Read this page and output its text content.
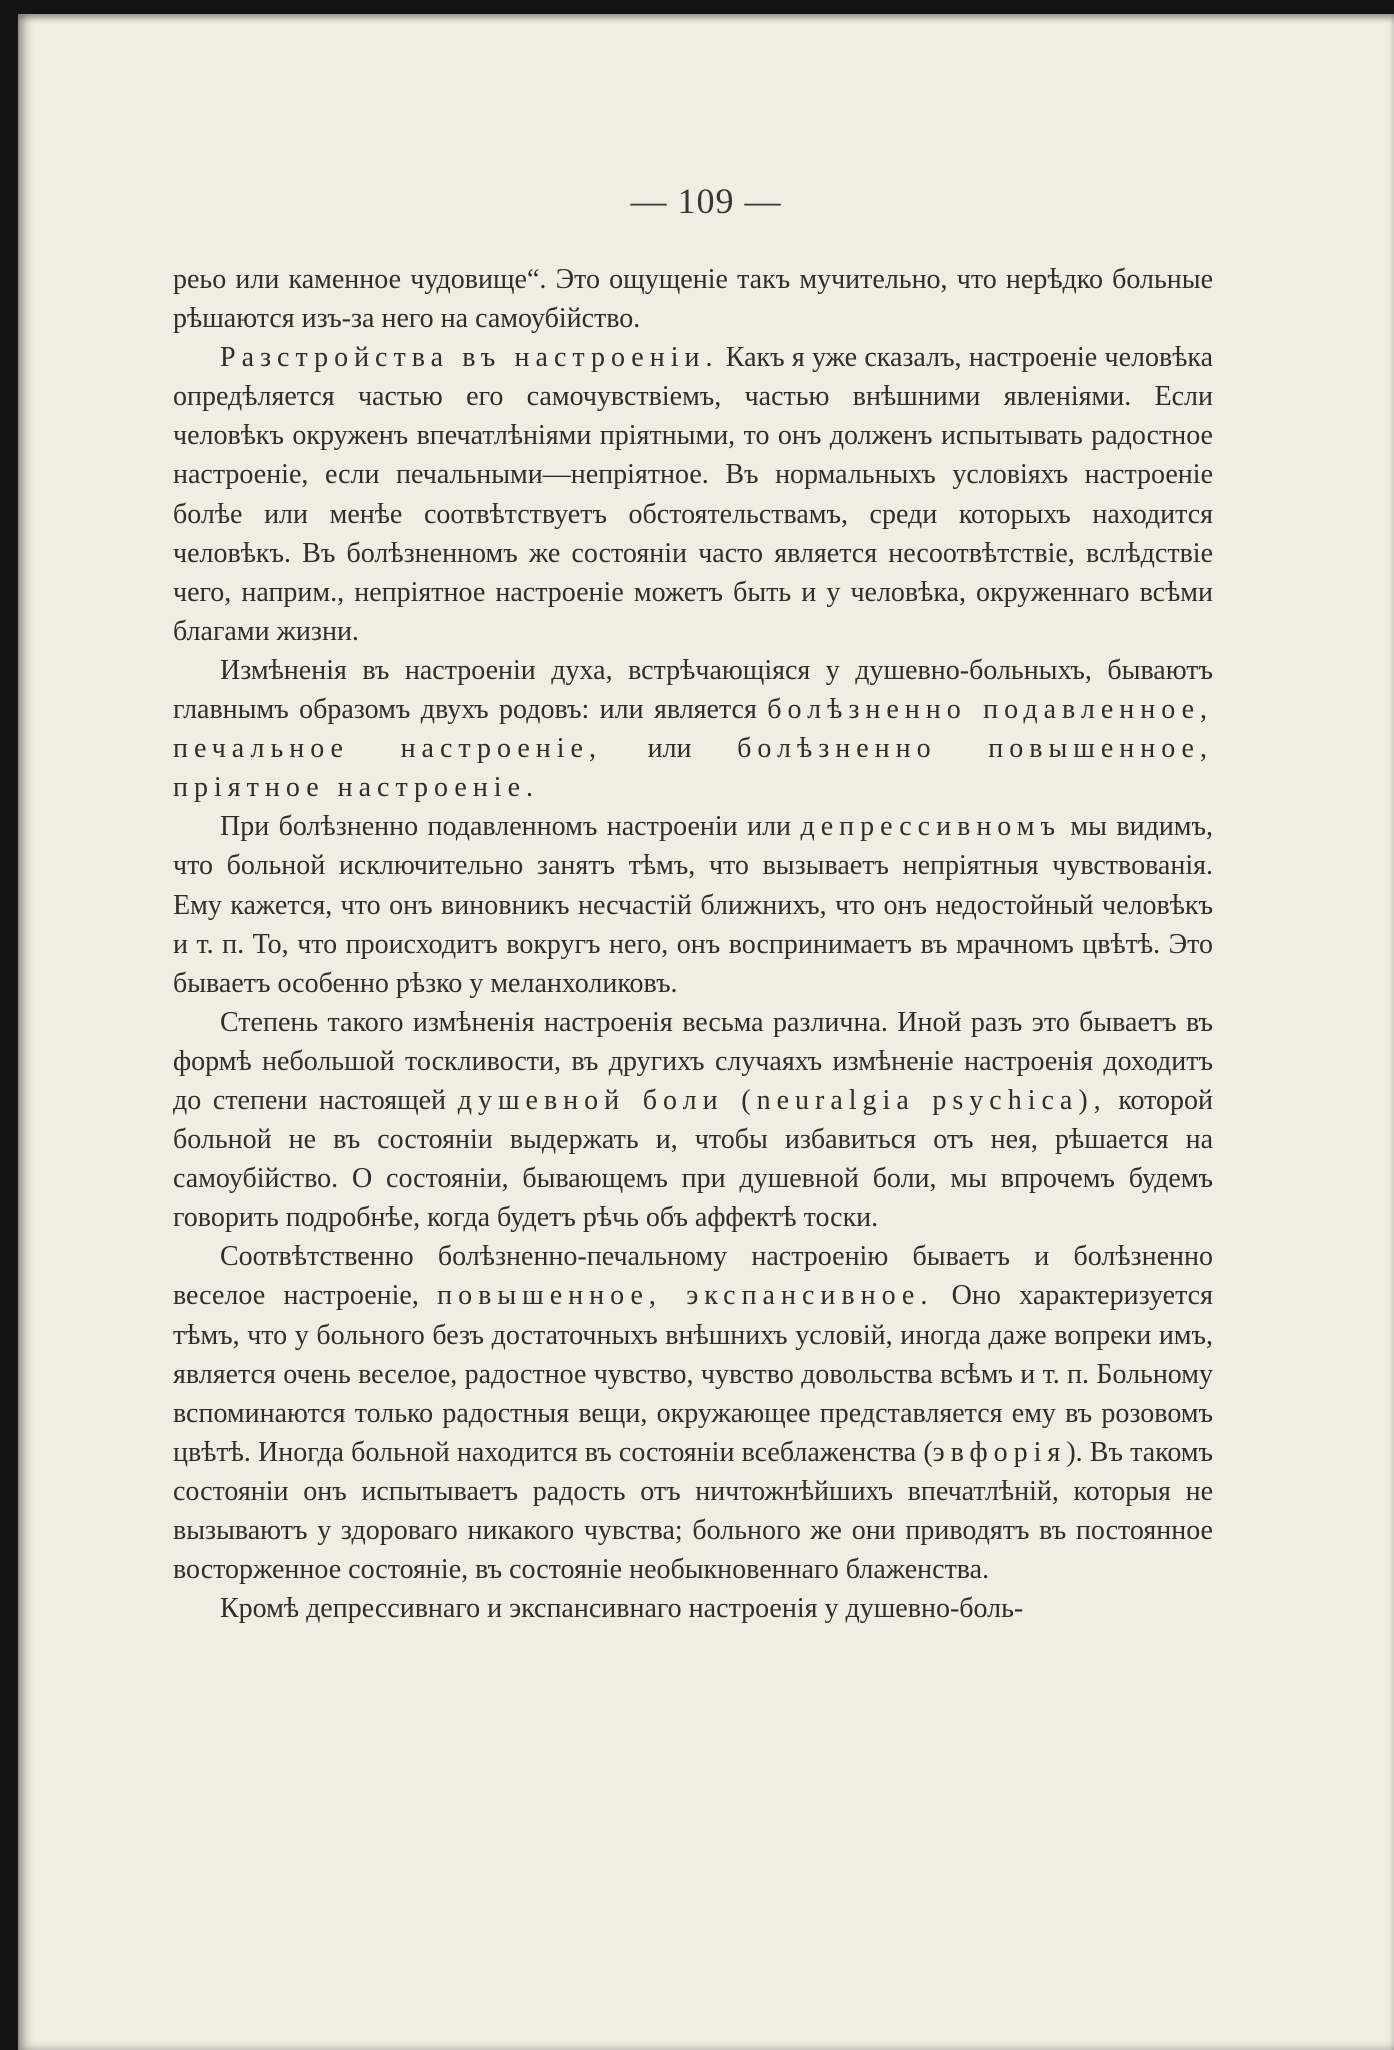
— 109 —

реьо или каменное чудовище“. Это ощущеніе такъ мучительно, что нерѣдко больные рѣшаются изъ-за него на самоубійство.

Разстройства въ настроеніи. Какъ я уже сказалъ, настроеніе человѣка опредѣляется частью его самочувствіемъ, частью внѣшними явленіями. Если человѣкъ окруженъ впечатлѣніями пріятными, то онъ долженъ испытывать радостное настроеніе, если печальными—непріятное. Въ нормальныхъ условіяхъ настроеніе болѣе или менѣе соотвѣтствуетъ обстоятельствамъ, среди которыхъ находится человѣкъ. Въ болѣзненномъ же состояніи часто является несоотвѣтствіе, вслѣдствіе чего, наприм., непріятное настроеніе можетъ быть и у человѣка, окруженнаго всѣми благами жизни.

Измѣненія въ настроеніи духа, встрѣчающіяся у душевно-больныхъ, бываютъ главнымъ образомъ двухъ родовъ: или является болѣзненно подавленное, печальное настроеніе, или болѣзненно повышенное, пріятное настроеніе.

При болѣзненно подавленномъ настроеніи или депрессивномъ мы видимъ, что больной исключительно занятъ тѣмъ, что вызываетъ непріятныя чувствованія. Ему кажется, что онъ виновникъ несчастій ближнихъ, что онъ недостойный человѣкъ и т. п. То, что происходитъ вокругъ него, онъ воспринимаетъ въ мрачномъ цвѣтѣ. Это бываетъ особенно рѣзко у меланхоликовъ.

Степень такого измѣненія настроенія весьма различна. Иной разъ это бываетъ въ формѣ небольшой тоскливости, въ другихъ случаяхъ измѣненіе настроенія доходитъ до степени настоящей душевной боли (neuralgia psychica), которой больной не въ состояніи выдержать и, чтобы избавиться отъ нея, рѣшается на самоубійство. О состояніи, бывающемъ при душевной боли, мы впрочемъ будемъ говорить подробнѣе, когда будетъ рѣчь объ аффектѣ тоски.

Соотвѣтственно болѣзненно-печальному настроенію бываетъ и болѣзненно веселое настроеніе, повышенное, экспансивное. Оно характеризуется тѣмъ, что у больного безъ достаточныхъ внѣшнихъ условій, иногда даже вопреки имъ, является очень веселое, радостное чувство, чувство довольства всѣмъ и т. п. Больному вспоминаются только радостныя вещи, окружающее представляется ему въ розовомъ цвѣтѣ. Иногда больной находится въ состояніи всеблаженства (эвфорія). Въ такомъ состояніи онъ испытываетъ радость отъ ничтожнѣйшихъ впечатлѣній, которыя не вызываютъ у здороваго никакого чувства; больного же они приводятъ въ постоянное восторженное состояніе, въ состояніе необыкновеннаго блаженства.

Кромѣ депрессивнаго и экспансивнаго настроенія у душевно-боль-
